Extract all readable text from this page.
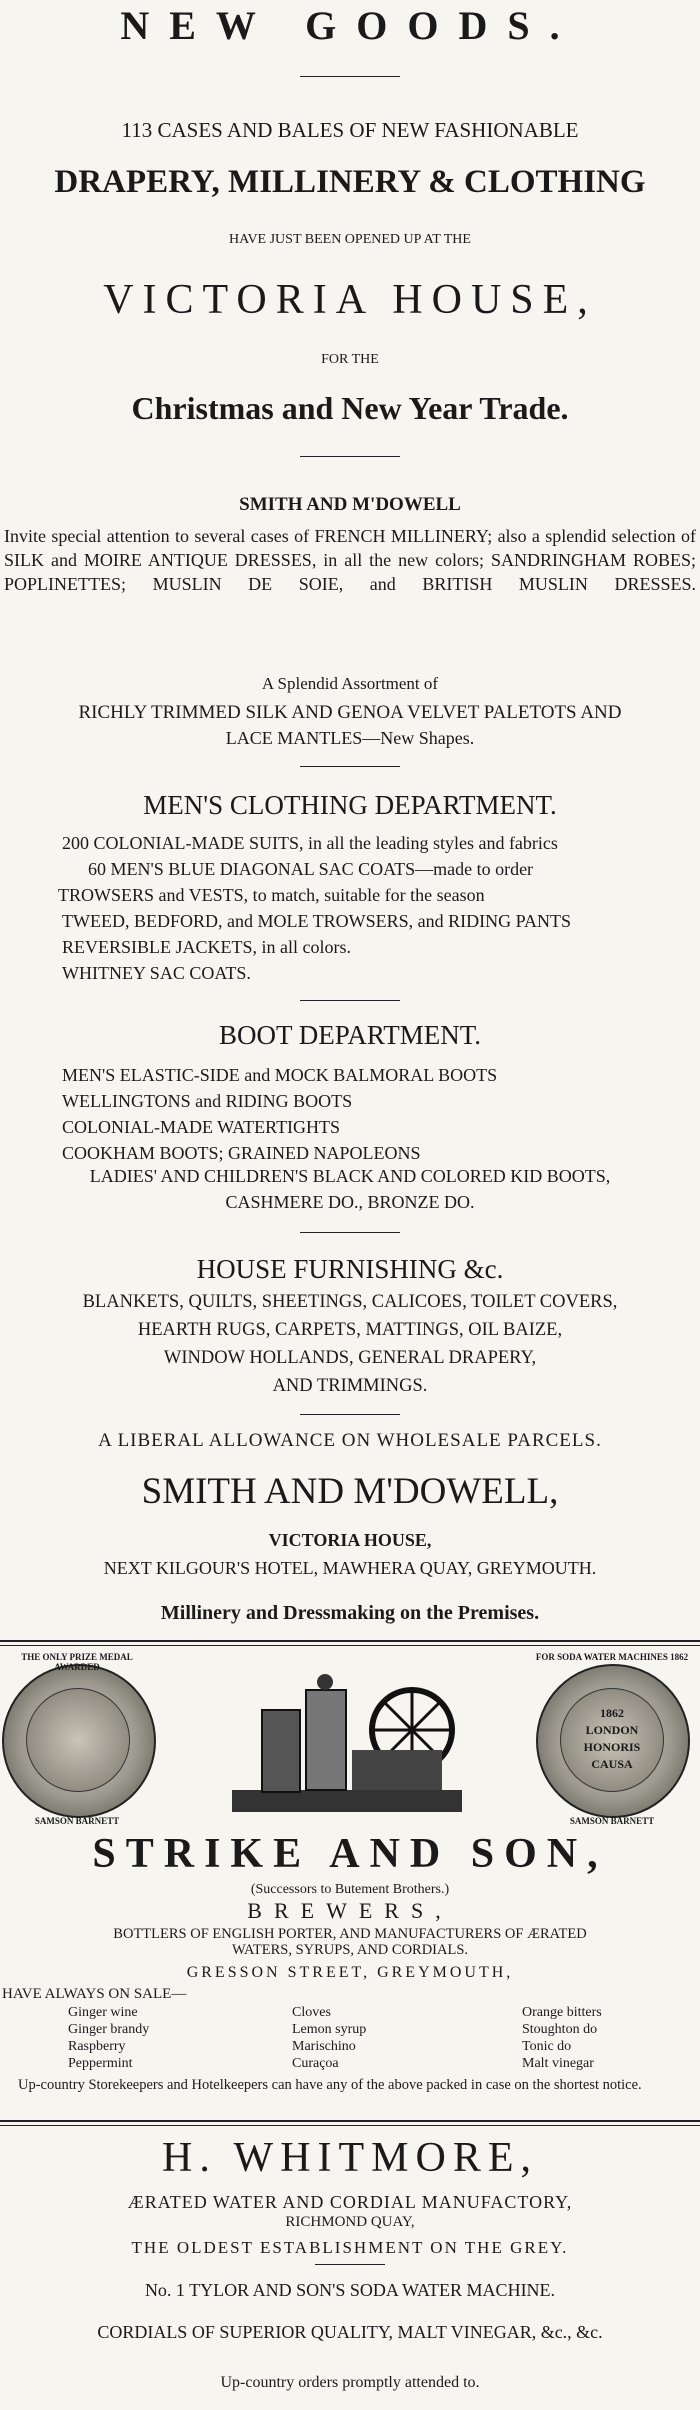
NEW GOODS.
113 CASES AND BALES OF NEW FASHIONABLE
DRAPERY, MILLINERY & CLOTHING
HAVE JUST BEEN OPENED UP AT THE
VICTORIA HOUSE,
FOR THE
Christmas and New Year Trade.
SMITH AND M'DOWELL
Invite special attention to several cases of FRENCH MILLINERY; also a splendid selection of SILK and MOIRE ANTIQUE DRESSES, in all the new colors; SANDRINGHAM ROBES; POPLINETTES; MUSLIN DE SOIE, and BRITISH MUSLIN DRESSES.
A Splendid Assortment of
RICHLY TRIMMED SILK AND GENOA VELVET PALETOTS AND
LACE MANTLES—New Shapes.
MEN'S CLOTHING DEPARTMENT.
200 COLONIAL-MADE SUITS, in all the leading styles and fabrics
60 MEN'S BLUE DIAGONAL SAC COATS—made to order
TROWSERS and VESTS, to match, suitable for the season
TWEED, BEDFORD, and MOLE TROWSERS, and RIDING PANTS
REVERSIBLE JACKETS, in all colors.
WHITNEY SAC COATS.
BOOT DEPARTMENT.
MEN'S ELASTIC-SIDE and MOCK BALMORAL BOOTS
WELLINGTONS and RIDING BOOTS
COLONIAL-MADE WATERTIGHTS
COOKHAM BOOTS; GRAINED NAPOLEONS
LADIES' AND CHILDREN'S BLACK AND COLORED KID BOOTS,
CASHMERE DO., BRONZE DO.
HOUSE FURNISHING &c.
BLANKETS, QUILTS, SHEETINGS, CALICOES, TOILET COVERS,
HEARTH RUGS, CARPETS, MATTINGS, OIL BAIZE,
WINDOW HOLLANDS, GENERAL DRAPERY,
AND TRIMMINGS.
A LIBERAL ALLOWANCE ON WHOLESALE PARCELS.
SMITH AND M'DOWELL,
VICTORIA HOUSE,
NEXT KILGOUR'S HOTEL, MAWHERA QUAY, GREYMOUTH.
Millinery and Dressmaking on the Premises.
THE ONLY PRIZE MEDAL AWARDED
SAMSON BARNETT
1862
LONDON
HONORIS
CAUSA
FOR SODA WATER MACHINES 1862
SAMSON BARNETT
STRIKE AND SON,
(Successors to Butement Brothers.)
BREWERS,
BOTTLERS OF ENGLISH PORTER, AND MANUFACTURERS OF ÆRATED
WATERS, SYRUPS, AND CORDIALS.
GRESSON STREET, GREYMOUTH,
HAVE ALWAYS ON SALE—
Ginger wine
Ginger brandy
Raspberry
Peppermint
Cloves
Lemon syrup
Marischino
Curaçoa
Orange bitters
Stoughton do
Tonic do
Malt vinegar
Up-country Storekeepers and Hotelkeepers can have any of the above packed in case on the shortest notice.
H. WHITMORE,
ÆRATED WATER AND CORDIAL MANUFACTORY,
RICHMOND QUAY,
THE OLDEST ESTABLISHMENT ON THE GREY.
No. 1 TYLOR AND SON'S SODA WATER MACHINE.
CORDIALS OF SUPERIOR QUALITY, MALT VINEGAR, &c., &c.
Up-country orders promptly attended to.
